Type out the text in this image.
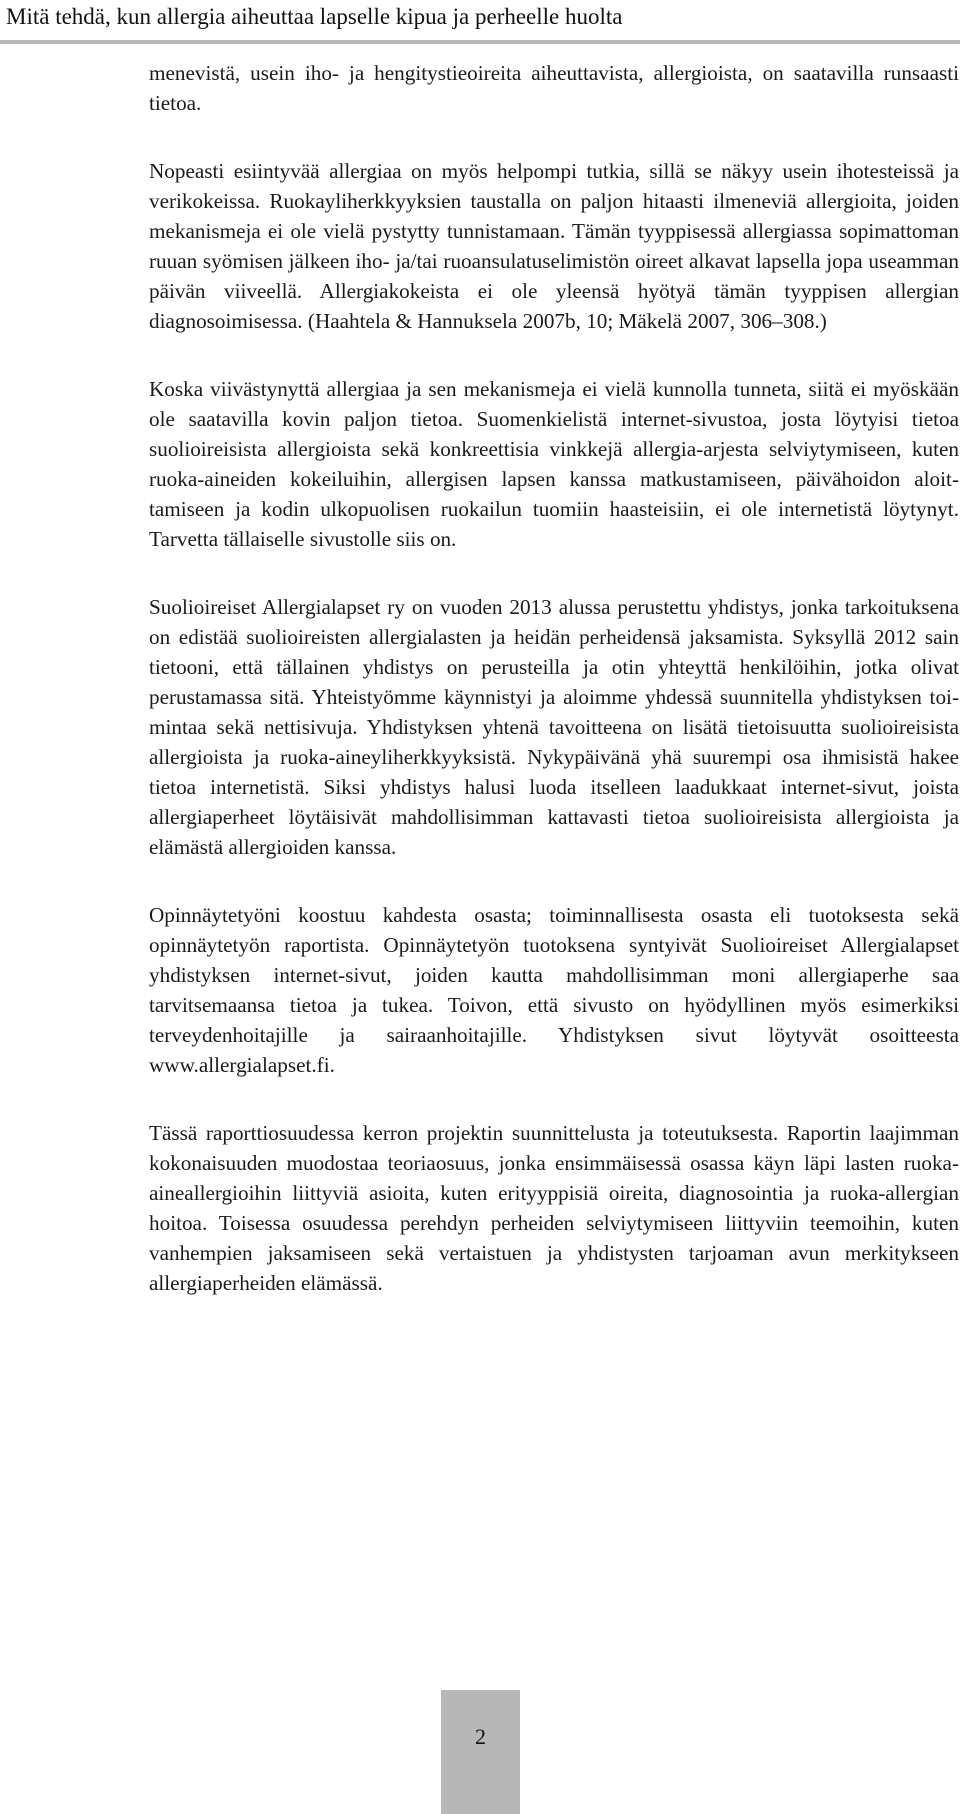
Mitä tehdä, kun allergia aiheuttaa lapselle kipua ja perheelle huolta

menevistä, usein iho- ja hengitystieoireita aiheuttavista, allergioista, on saatavilla runsaasti tietoa.

Nopeasti esiintyvää allergiaa on myös helpompi tutkia, sillä se näkyy usein ihotesteissä ja verikokeissa. Ruokayliherkkyyksien taustalla on paljon hitaasti ilmeneviä allergioita, joiden mekanismeja ei ole vielä pystytty tunnistamaan. Tämän tyyppisessä allergiassa sopimattoman ruuan syömisen jälkeen iho- ja/tai ruoansulatuselimistön oireet alkavat lapsella jopa useamman päivän viiveellä. Allergiakokeista ei ole yleensä hyötyä tämän tyyppisen allergian diagnosoimisessa. (Haahtela & Hannuksela 2007b, 10; Mäkelä 2007, 306–308.)

Koska viivästynyttä allergiaa ja sen mekanismeja ei vielä kunnolla tunneta, siitä ei myöskään ole saatavilla kovin paljon tietoa. Suomenkielistä internet-sivustoa, josta löytyisi tietoa suolioireisista allergioista sekä konkreettisia vinkkejä allergia-arjesta selviytymiseen, kuten ruoka-aineiden kokeiluihin, allergisen lapsen kanssa matkustamiseen, päivähoidon aloittamiseen ja kodin ulkopuolisen ruokailun tuomiin haasteisiin, ei ole internetistä löytynyt. Tarvetta tällaiselle sivustolle siis on.

Suolioireiset Allergialapset ry on vuoden 2013 alussa perustettu yhdistys, jonka tarkoituksena on edistää suolioireisten allergialasten ja heidän perheidensä jaksamista. Syksyllä 2012 sain tietooni, että tällainen yhdistys on perusteilla ja otin yhteyttä henkilöihin, jotka olivat perustamassa sitä. Yhteistyömme käynnistyi ja aloimme yhdessä suunnitella yhdistyksen toimintaa sekä nettisivuja. Yhdistyksen yhtenä tavoitteena on lisätä tietoisuutta suolioireisista allergioista ja ruoka-aineyliherkkyyksistä. Nykypäivänä yhä suurempi osa ihmisistä hakee tietoa internetistä. Siksi yhdistys halusi luoda itselleen laadukkaat internet-sivut, joista allergiaperheet löytäisivät mahdollisimman kattavasti tietoa suolioireisista allergioista ja elämästä allergioiden kanssa.

Opinnäytetyöni koostuu kahdesta osasta; toiminnallisesta osasta eli tuotoksesta sekä opinnäytetyön raportista. Opinnäytetyön tuotoksena syntyivät Suolioireiset Allergialapset yhdistyksen internet-sivut, joiden kautta mahdollisimman moni allergiaperhe saa tarvitsemaansa tietoa ja tukea. Toivon, että sivusto on hyödyllinen myös esimerkiksi terveydenhoitajille ja sairaanhoitajille. Yhdistyksen sivut löytyvät osoitteesta www.allergialapset.fi.

Tässä raporttiosuudessa kerron projektin suunnittelusta ja toteutuksesta. Raportin laajimman kokonaisuuden muodostaa teoriaosuus, jonka ensimmäisessä osassa käyn läpi lasten ruoka-aineallergioihin liittyviä asioita, kuten erityyppisiä oireita, diagnosointia ja ruoka-allergian hoitoa. Toisessa osuudessa perehdyn perheiden selviytymiseen liittyviin teemoihin, kuten vanhempien jaksamiseen sekä vertaistuen ja yhdistysten tarjoaman avun merkitykseen allergiaperheiden elämässä.

2
